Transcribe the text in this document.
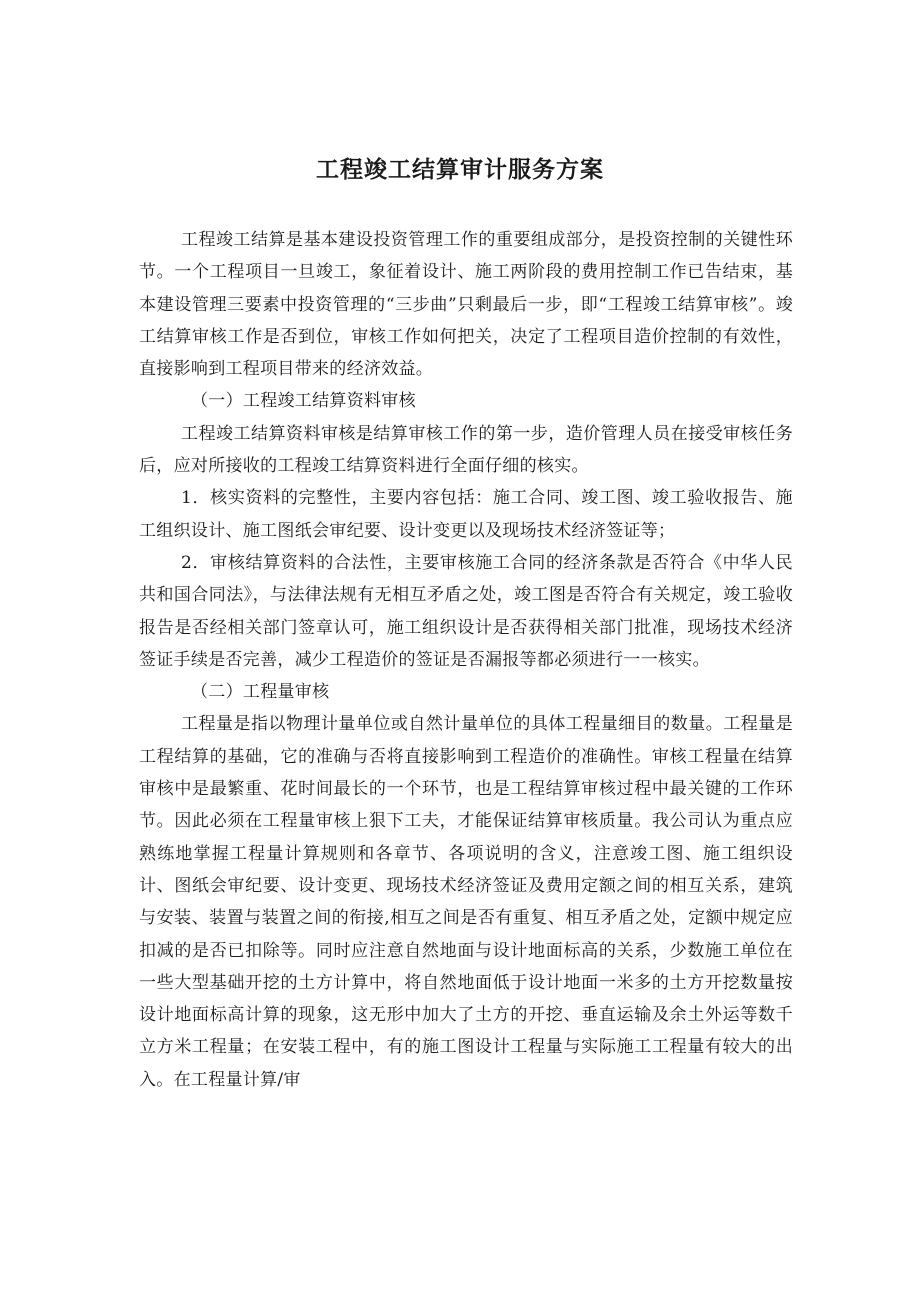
工程竣工结算审计服务方案

工程竣工结算是基本建设投资管理工作的重要组成部分，是投资控制的关键性环节。一个工程项目一旦竣工，象征着设计、施工两阶段的费用控制工作已告结束，基本建设管理三要素中投资管理的“三步曲”只剩最后一步，即“工程竣工结算审核”。竣工结算审核工作是否到位，审核工作如何把关，决定了工程项目造价控制的有效性，直接影响到工程项目带来的经济效益。

（一）工程竣工结算资料审核

工程竣工结算资料审核是结算审核工作的第一步，造价管理人员在接受审核任务后，应对所接收的工程竣工结算资料进行全面仔细的核实。

1．核实资料的完整性，主要内容包括：施工合同、竣工图、竣工验收报告、施工组织设计、施工图纸会审纪要、设计变更以及现场技术经济签证等；

2．审核结算资料的合法性，主要审核施工合同的经济条款是否符合《中华人民共和国合同法》，与法律法规有无相互矛盾之处，竣工图是否符合有关规定，竣工验收报告是否经相关部门签章认可，施工组织设计是否获得相关部门批准，现场技术经济签证手续是否完善，减少工程造价的签证是否漏报等都必须进行一一核实。

（二）工程量审核

工程量是指以物理计量单位或自然计量单位的具体工程量细目的数量。工程量是工程结算的基础，它的准确与否将直接影响到工程造价的准确性。审核工程量在结算审核中是最繁重、花时间最长的一个环节，也是工程结算审核过程中最关键的工作环节。因此必须在工程量审核上狠下工夫，才能保证结算审核质量。我公司认为重点应熟练地掌握工程量计算规则和各章节、各项说明的含义，注意竣工图、施工组织设计、图纸会审纪要、设计变更、现场技术经济签证及费用定额之间的相互关系，建筑与安装、装置与装置之间的衔接,相互之间是否有重复、相互矛盾之处，定额中规定应扣减的是否已扣除等。同时应注意自然地面与设计地面标高的关系，少数施工单位在一些大型基础开挖的土方计算中，将自然地面低于设计地面一米多的土方开挖数量按设计地面标高计算的现象，这无形中加大了土方的开挖、垂直运输及余土外运等数千立方米工程量；在安装工程中，有的施工图设计工程量与实际施工工程量有较大的出入。在工程量计算/审
